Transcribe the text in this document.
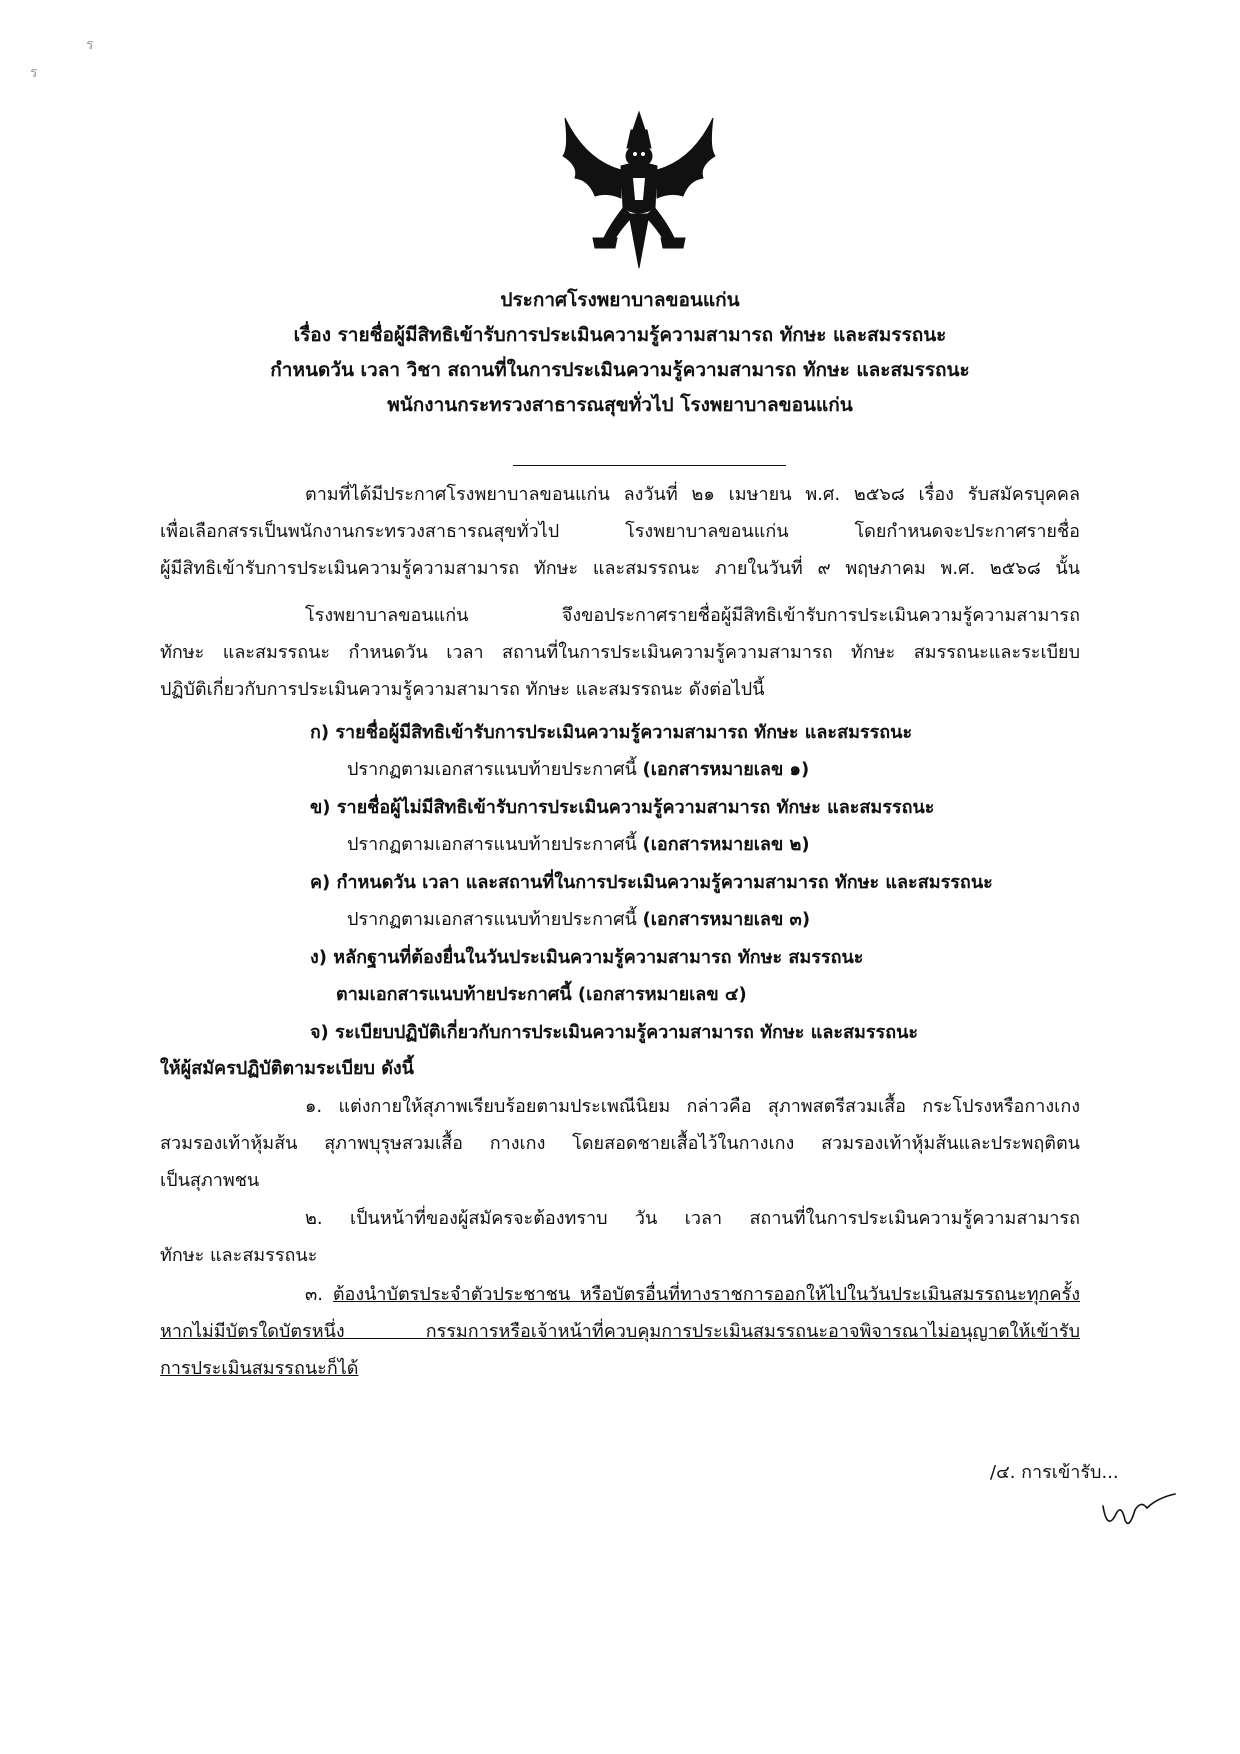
ร
ร
ประกาศโรงพยาบาลขอนแก่น
เรื่อง รายชื่อผู้มีสิทธิเข้ารับการประเมินความรู้ความสามารถ ทักษะ และสมรรถนะ
กำหนดวัน เวลา วิชา สถานที่ในการประเมินความรู้ความสามารถ ทักษะ และสมรรถนะ
พนักงานกระทรวงสาธารณสุขทั่วไป โรงพยาบาลขอนแก่น
ตามที่ได้มีประกาศโรงพยาบาลขอนแก่น ลงวันที่ ๒๑ เมษายน พ.ศ. ๒๕๖๘ เรื่อง รับสมัครบุคคล
เพื่อเลือกสรรเป็นพนักงานกระทรวงสาธารณสุขทั่วไป โรงพยาบาลขอนแก่น โดยกำหนดจะประกาศรายชื่อ
ผู้มีสิทธิเข้ารับการประเมินความรู้ความสามารถ ทักษะ และสมรรถนะ ภายในวันที่ ๙ พฤษภาคม พ.ศ. ๒๕๖๘ นั้น
โรงพยาบาลขอนแก่น จึงขอประกาศรายชื่อผู้มีสิทธิเข้ารับการประเมินความรู้ความสามารถ
ทักษะ และสมรรถนะ กำหนดวัน เวลา สถานที่ในการประเมินความรู้ความสามารถ ทักษะ สมรรถนะและระเบียบ
ปฏิบัติเกี่ยวกับการประเมินความรู้ความสามารถ ทักษะ และสมรรถนะ ดังต่อไปนี้
ก) รายชื่อผู้มีสิทธิเข้ารับการประเมินความรู้ความสามารถ ทักษะ และสมรรถนะ
ปรากฏตามเอกสารแนบท้ายประกาศนี้ (เอกสารหมายเลข ๑)
ข) รายชื่อผู้ไม่มีสิทธิเข้ารับการประเมินความรู้ความสามารถ ทักษะ และสมรรถนะ
ปรากฏตามเอกสารแนบท้ายประกาศนี้ (เอกสารหมายเลข ๒)
ค) กำหนดวัน เวลา และสถานที่ในการประเมินความรู้ความสามารถ ทักษะ และสมรรถนะ
ปรากฏตามเอกสารแนบท้ายประกาศนี้ (เอกสารหมายเลข ๓)
ง) หลักฐานที่ต้องยื่นในวันประเมินความรู้ความสามารถ ทักษะ สมรรถนะ
ตามเอกสารแนบท้ายประกาศนี้ (เอกสารหมายเลข ๔)
จ) ระเบียบปฏิบัติเกี่ยวกับการประเมินความรู้ความสามารถ ทักษะ และสมรรถนะ
ให้ผู้สมัครปฏิบัติตามระเบียบ ดังนี้
๑. แต่งกายให้สุภาพเรียบร้อยตามประเพณีนิยม กล่าวคือ สุภาพสตรีสวมเสื้อ กระโปรงหรือกางเกง
สวมรองเท้าหุ้มส้น สุภาพบุรุษสวมเสื้อ กางเกง โดยสอดชายเสื้อไว้ในกางเกง สวมรองเท้าหุ้มส้นและประพฤติตน
เป็นสุภาพชน
๒. เป็นหน้าที่ของผู้สมัครจะต้องทราบ วัน เวลา สถานที่ในการประเมินความรู้ความสามารถ
ทักษะ และสมรรถนะ
๓. ต้องนำบัตรประจำตัวประชาชน หรือบัตรอื่นที่ทางราชการออกให้ไปในวันประเมินสมรรถนะทุกครั้ง
หากไม่มีบัตรใดบัตรหนึ่ง กรรมการหรือเจ้าหน้าที่ควบคุมการประเมินสมรรถนะอาจพิจารณาไม่อนุญาตให้เข้ารับ
การประเมินสมรรถนะก็ได้
/๔. การเข้ารับ...
